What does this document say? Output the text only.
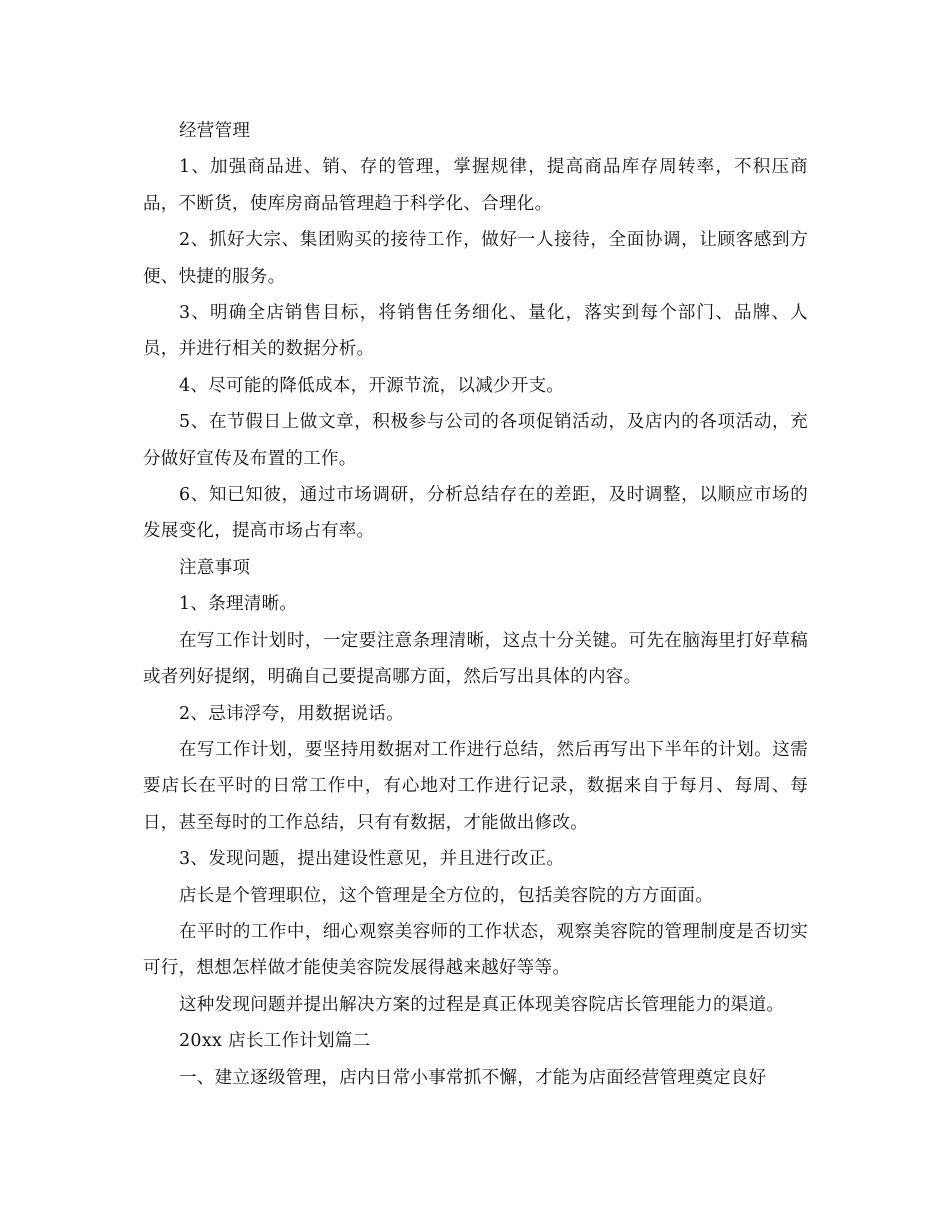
经营管理

1、加强商品进、销、存的管理，掌握规律，提高商品库存周转率，不积压商品，不断货，使库房商品管理趋于科学化、合理化。

2、抓好大宗、集团购买的接待工作，做好一人接待，全面协调，让顾客感到方便、快捷的服务。

3、明确全店销售目标，将销售任务细化、量化，落实到每个部门、品牌、人员，并进行相关的数据分析。

4、尽可能的降低成本，开源节流，以减少开支。

5、在节假日上做文章，积极参与公司的各项促销活动，及店内的各项活动，充分做好宣传及布置的工作。

6、知已知彼，通过市场调研，分析总结存在的差距，及时调整，以顺应市场的发展变化，提高市场占有率。

注意事项

1、条理清晰。

在写工作计划时，一定要注意条理清晰，这点十分关键。可先在脑海里打好草稿或者列好提纲，明确自己要提高哪方面，然后写出具体的内容。

2、忌讳浮夸，用数据说话。

在写工作计划，要坚持用数据对工作进行总结，然后再写出下半年的计划。这需要店长在平时的日常工作中，有心地对工作进行记录，数据来自于每月、每周、每日，甚至每时的工作总结，只有有数据，才能做出修改。

3、发现问题，提出建设性意见，并且进行改正。

店长是个管理职位，这个管理是全方位的，包括美容院的方方面面。

在平时的工作中，细心观察美容师的工作状态，观察美容院的管理制度是否切实可行，想想怎样做才能使美容院发展得越来越好等等。

这种发现问题并提出解决方案的过程是真正体现美容院店长管理能力的渠道。

20xx 店长工作计划篇二

一、建立逐级管理，店内日常小事常抓不懈，才能为店面经营管理奠定良好
